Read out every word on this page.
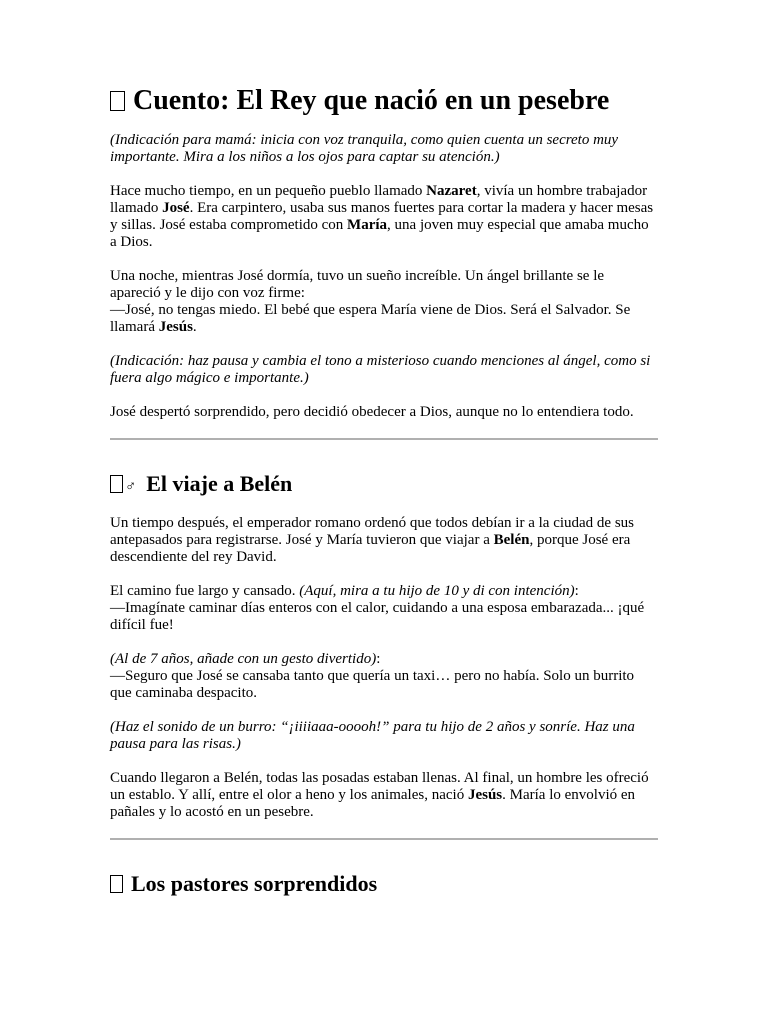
Cuento: El Rey que nació en un pesebre

(Indicación para mamá: inicia con voz tranquila, como quien cuenta un secreto muy importante. Mira a los niños a los ojos para captar su atención.)

Hace mucho tiempo, en un pequeño pueblo llamado Nazaret, vivía un hombre trabajador llamado José. Era carpintero, usaba sus manos fuertes para cortar la madera y hacer mesas y sillas. José estaba comprometido con María, una joven muy especial que amaba mucho a Dios.

Una noche, mientras José dormía, tuvo un sueño increíble. Un ángel brillante se le apareció y le dijo con voz firme:
—José, no tengas miedo. El bebé que espera María viene de Dios. Será el Salvador. Se llamará Jesús.

(Indicación: haz pausa y cambia el tono a misterioso cuando menciones al ángel, como si fuera algo mágico e importante.)

José despertó sorprendido, pero decidió obedecer a Dios, aunque no lo entendiera todo.

♂ El viaje a Belén

Un tiempo después, el emperador romano ordenó que todos debían ir a la ciudad de sus antepasados para registrarse. José y María tuvieron que viajar a Belén, porque José era descendiente del rey David.

El camino fue largo y cansado. (Aquí, mira a tu hijo de 10 y di con intención):
—Imagínate caminar días enteros con el calor, cuidando a una esposa embarazada... ¡qué difícil fue!

(Al de 7 años, añade con un gesto divertido):
—Seguro que José se cansaba tanto que quería un taxi… pero no había. Solo un burrito que caminaba despacito.

(Haz el sonido de un burro: “¡iiiiaaa-ooooh!” para tu hijo de 2 años y sonríe. Haz una pausa para las risas.)

Cuando llegaron a Belén, todas las posadas estaban llenas. Al final, un hombre les ofreció un establo. Y allí, entre el olor a heno y los animales, nació Jesús. María lo envolvió en pañales y lo acostó en un pesebre.

Los pastores sorprendidos
